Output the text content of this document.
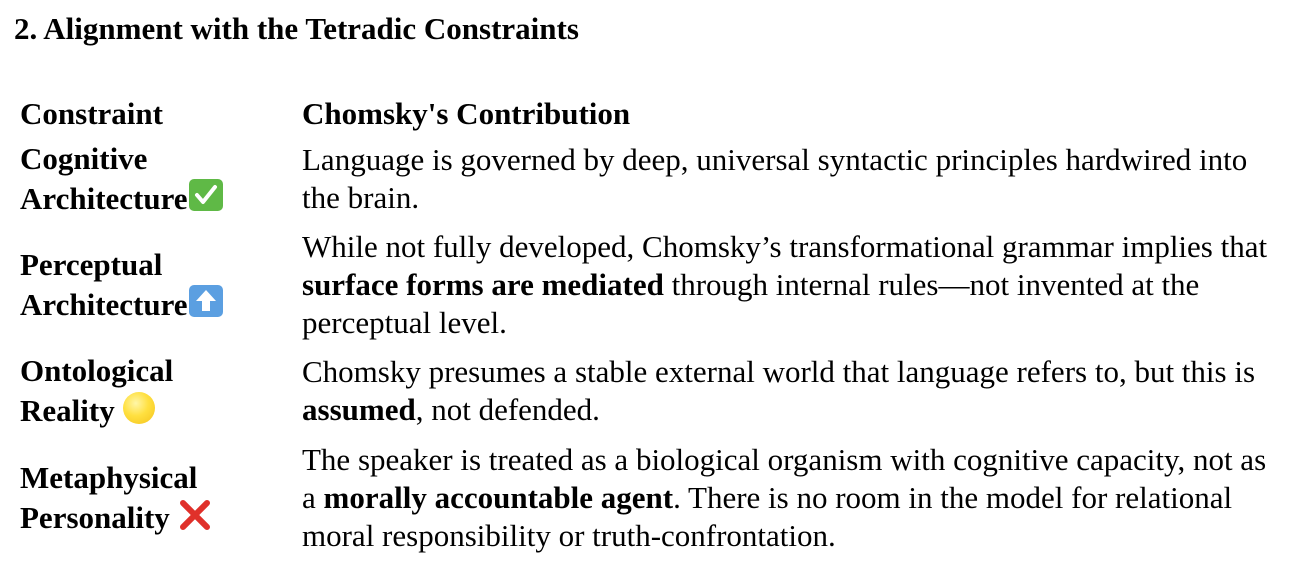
2. Alignment with the Tetradic Constraints
Constraint	Chomsky's Contribution
Cognitive
Architecture
Language is governed by deep, universal syntactic principles hardwired into the brain.
Perceptual
Architecture
While not fully developed, Chomsky’s transformational grammar implies that surface forms are mediated through internal rules—not invented at the perceptual level.
Ontological
Reality
Chomsky presumes a stable external world that language refers to, but this is assumed, not defended.
Metaphysical
Personality
The speaker is treated as a biological organism with cognitive capacity, not as a morally accountable agent. There is no room in the model for relational moral responsibility or truth-confrontation.
